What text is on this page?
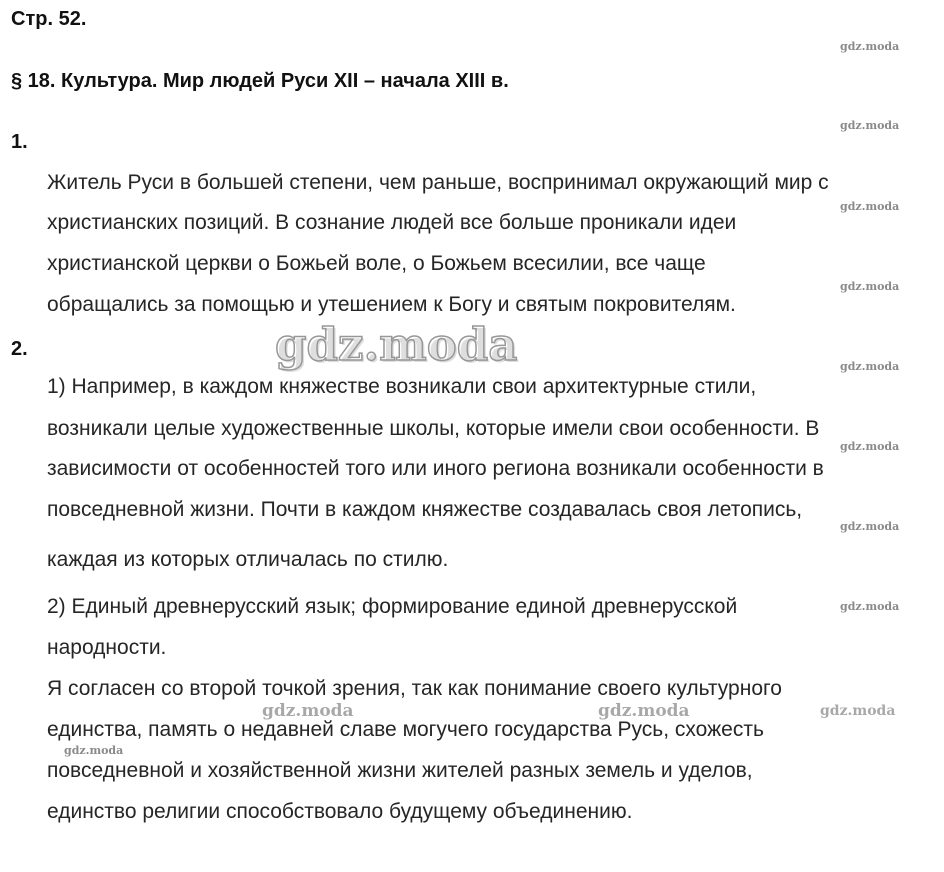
Стр. 52.
§ 18. Культура. Мир людей Руси XII – начала XIII в.
1.
Житель Руси в большей степени, чем раньше, воспринимал окружающий мир с
христианских позиций. В сознание людей все больше проникали идеи
христианской церкви о Божьей воле, о Божьем всесилии, все чаще
обращались за помощью и утешением к Богу и святым покровителям.
2.
1) Например, в каждом княжестве возникали свои архитектурные стили,
возникали целые художественные школы, которые имели свои особенности. В
зависимости от особенностей того или иного региона возникали особенности в
повседневной жизни. Почти в каждом княжестве создавалась своя летопись,
каждая из которых отличалась по стилю.
2) Единый древнерусский язык; формирование единой древнерусской
народности.
Я согласен со второй точкой зрения, так как понимание своего культурного
единства, память о недавней славе могучего государства Русь, схожесть
повседневной и хозяйственной жизни жителей разных земель и уделов,
единство религии способствовало будущему объединению.
gdz.moda
gdz.moda
gdz.moda
gdz.moda
gdz.moda
gdz.moda
gdz.moda
gdz.moda
gdz.moda
gdz.moda	gdz.moda	gdz.moda
gdz.moda
